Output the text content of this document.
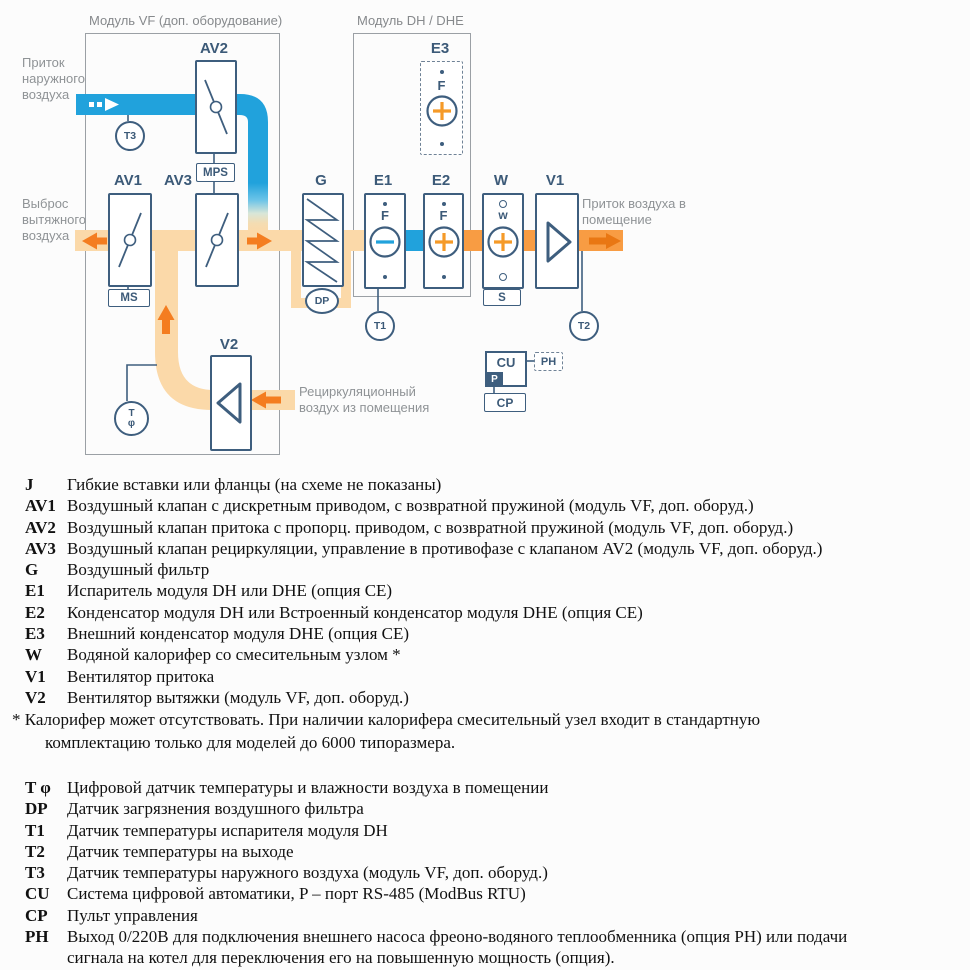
Модуль VF (доп. оборудование)	Модуль DH / DHE
Приток наружного воздуха
Выброс вытяжного воздуха
Приток воздуха в помещение
Рециркуляционный воздух из помещения
AV1
MS
AV2
MPS
AV3	G
DP
E1
F
T1
E2
F
E3
F
W
w
S
V1
V2
T3
T2
T
φ
CU
P
PH
CP
J Гибкие вставки или фланцы (на схеме не показаны)
AV1 Воздушный клапан с дискретным приводом, с возвратной пружиной (модуль VF, доп. оборуд.)
AV2 Воздушный клапан притока с пропорц. приводом, с возвратной пружиной (модуль VF, доп. оборуд.)
AV3 Воздушный клапан рециркуляции, управление в противофазе с клапаном AV2 (модуль VF, доп. оборуд.)
G Воздушный фильтр
E1 Испаритель модуля DH или DHE (опция CE)
E2 Конденсатор модуля DH или Встроенный конденсатор модуля DHE (опция CE)
E3 Внешний конденсатор модуля DHE (опция CE)
W Водяной калорифер со смесительным узлом *
V1 Вентилятор притока
V2 Вентилятор вытяжки (модуль VF, доп. оборуд.)
* Калорифер может отсутствовать. При наличии калорифера смесительный узел входит в стандартную
комплектацию только для моделей до 6000 типоразмера.
T φ Цифровой датчик температуры и влажности воздуха в помещении
DP Датчик загрязнения воздушного фильтра
T1 Датчик температуры испарителя модуля DH
T2 Датчик температуры на выходе
T3 Датчик температуры наружного воздуха (модуль VF, доп. оборуд.)
CU Система цифровой автоматики, P – порт RS-485 (ModBus RTU)
CP Пульт управления
PH Выход 0/220В для подключения внешнего насоса фреоно-водяного теплообменника (опция PH) или подачи
сигнала на котел для переключения его на повышенную мощность (опция).
